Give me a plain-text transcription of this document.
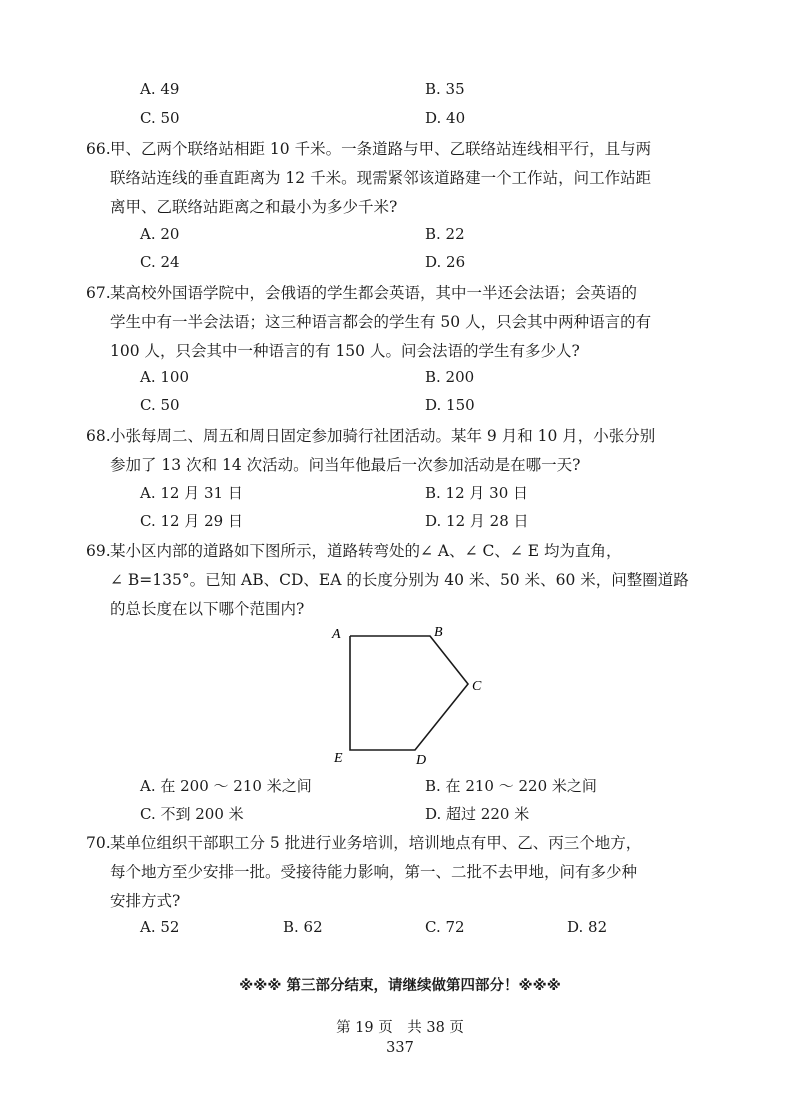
A. 49	B. 35
C. 50	D. 40
66. 甲、乙两个联络站相距 10 千米。一条道路与甲、乙联络站连线相平行，且与两
联络站连线的垂直距离为 12 千米。现需紧邻该道路建一个工作站，问工作站距
离甲、乙联络站距离之和最小为多少千米?
A. 20	B. 22
C. 24	D. 26
67. 某高校外国语学院中，会俄语的学生都会英语，其中一半还会法语；会英语的
学生中有一半会法语；这三种语言都会的学生有 50 人，只会其中两种语言的有
100 人，只会其中一种语言的有 150 人。问会法语的学生有多少人?
A. 100	B. 200
C. 50	D. 150
68. 小张每周二、周五和周日固定参加骑行社团活动。某年 9 月和 10 月，小张分别
参加了 13 次和 14 次活动。问当年他最后一次参加活动是在哪一天?
A. 12 月 31 日	B. 12 月 30 日
C. 12 月 29 日	D. 12 月 28 日
69. 某小区内部的道路如下图所示，道路转弯处的∠ A、∠ C、∠ E 均为直角，
∠ B=135°。已知 AB、CD、EA 的长度分别为 40 米、50 米、60 米，问整圈道路
的总长度在以下哪个范围内?
A	B
C
D
E
A. 在 200 ～ 210 米之间	B. 在 210 ～ 220 米之间
C. 不到 200 米	D. 超过 220 米
70. 某单位组织干部职工分 5 批进行业务培训，培训地点有甲、乙、丙三个地方，
每个地方至少安排一批。受接待能力影响，第一、二批不去甲地，问有多少种
安排方式?
A. 52	B. 62	C. 72	D. 82
※※※ 第三部分结束，请继续做第四部分！※※※
第 19 页　共 38 页
337
